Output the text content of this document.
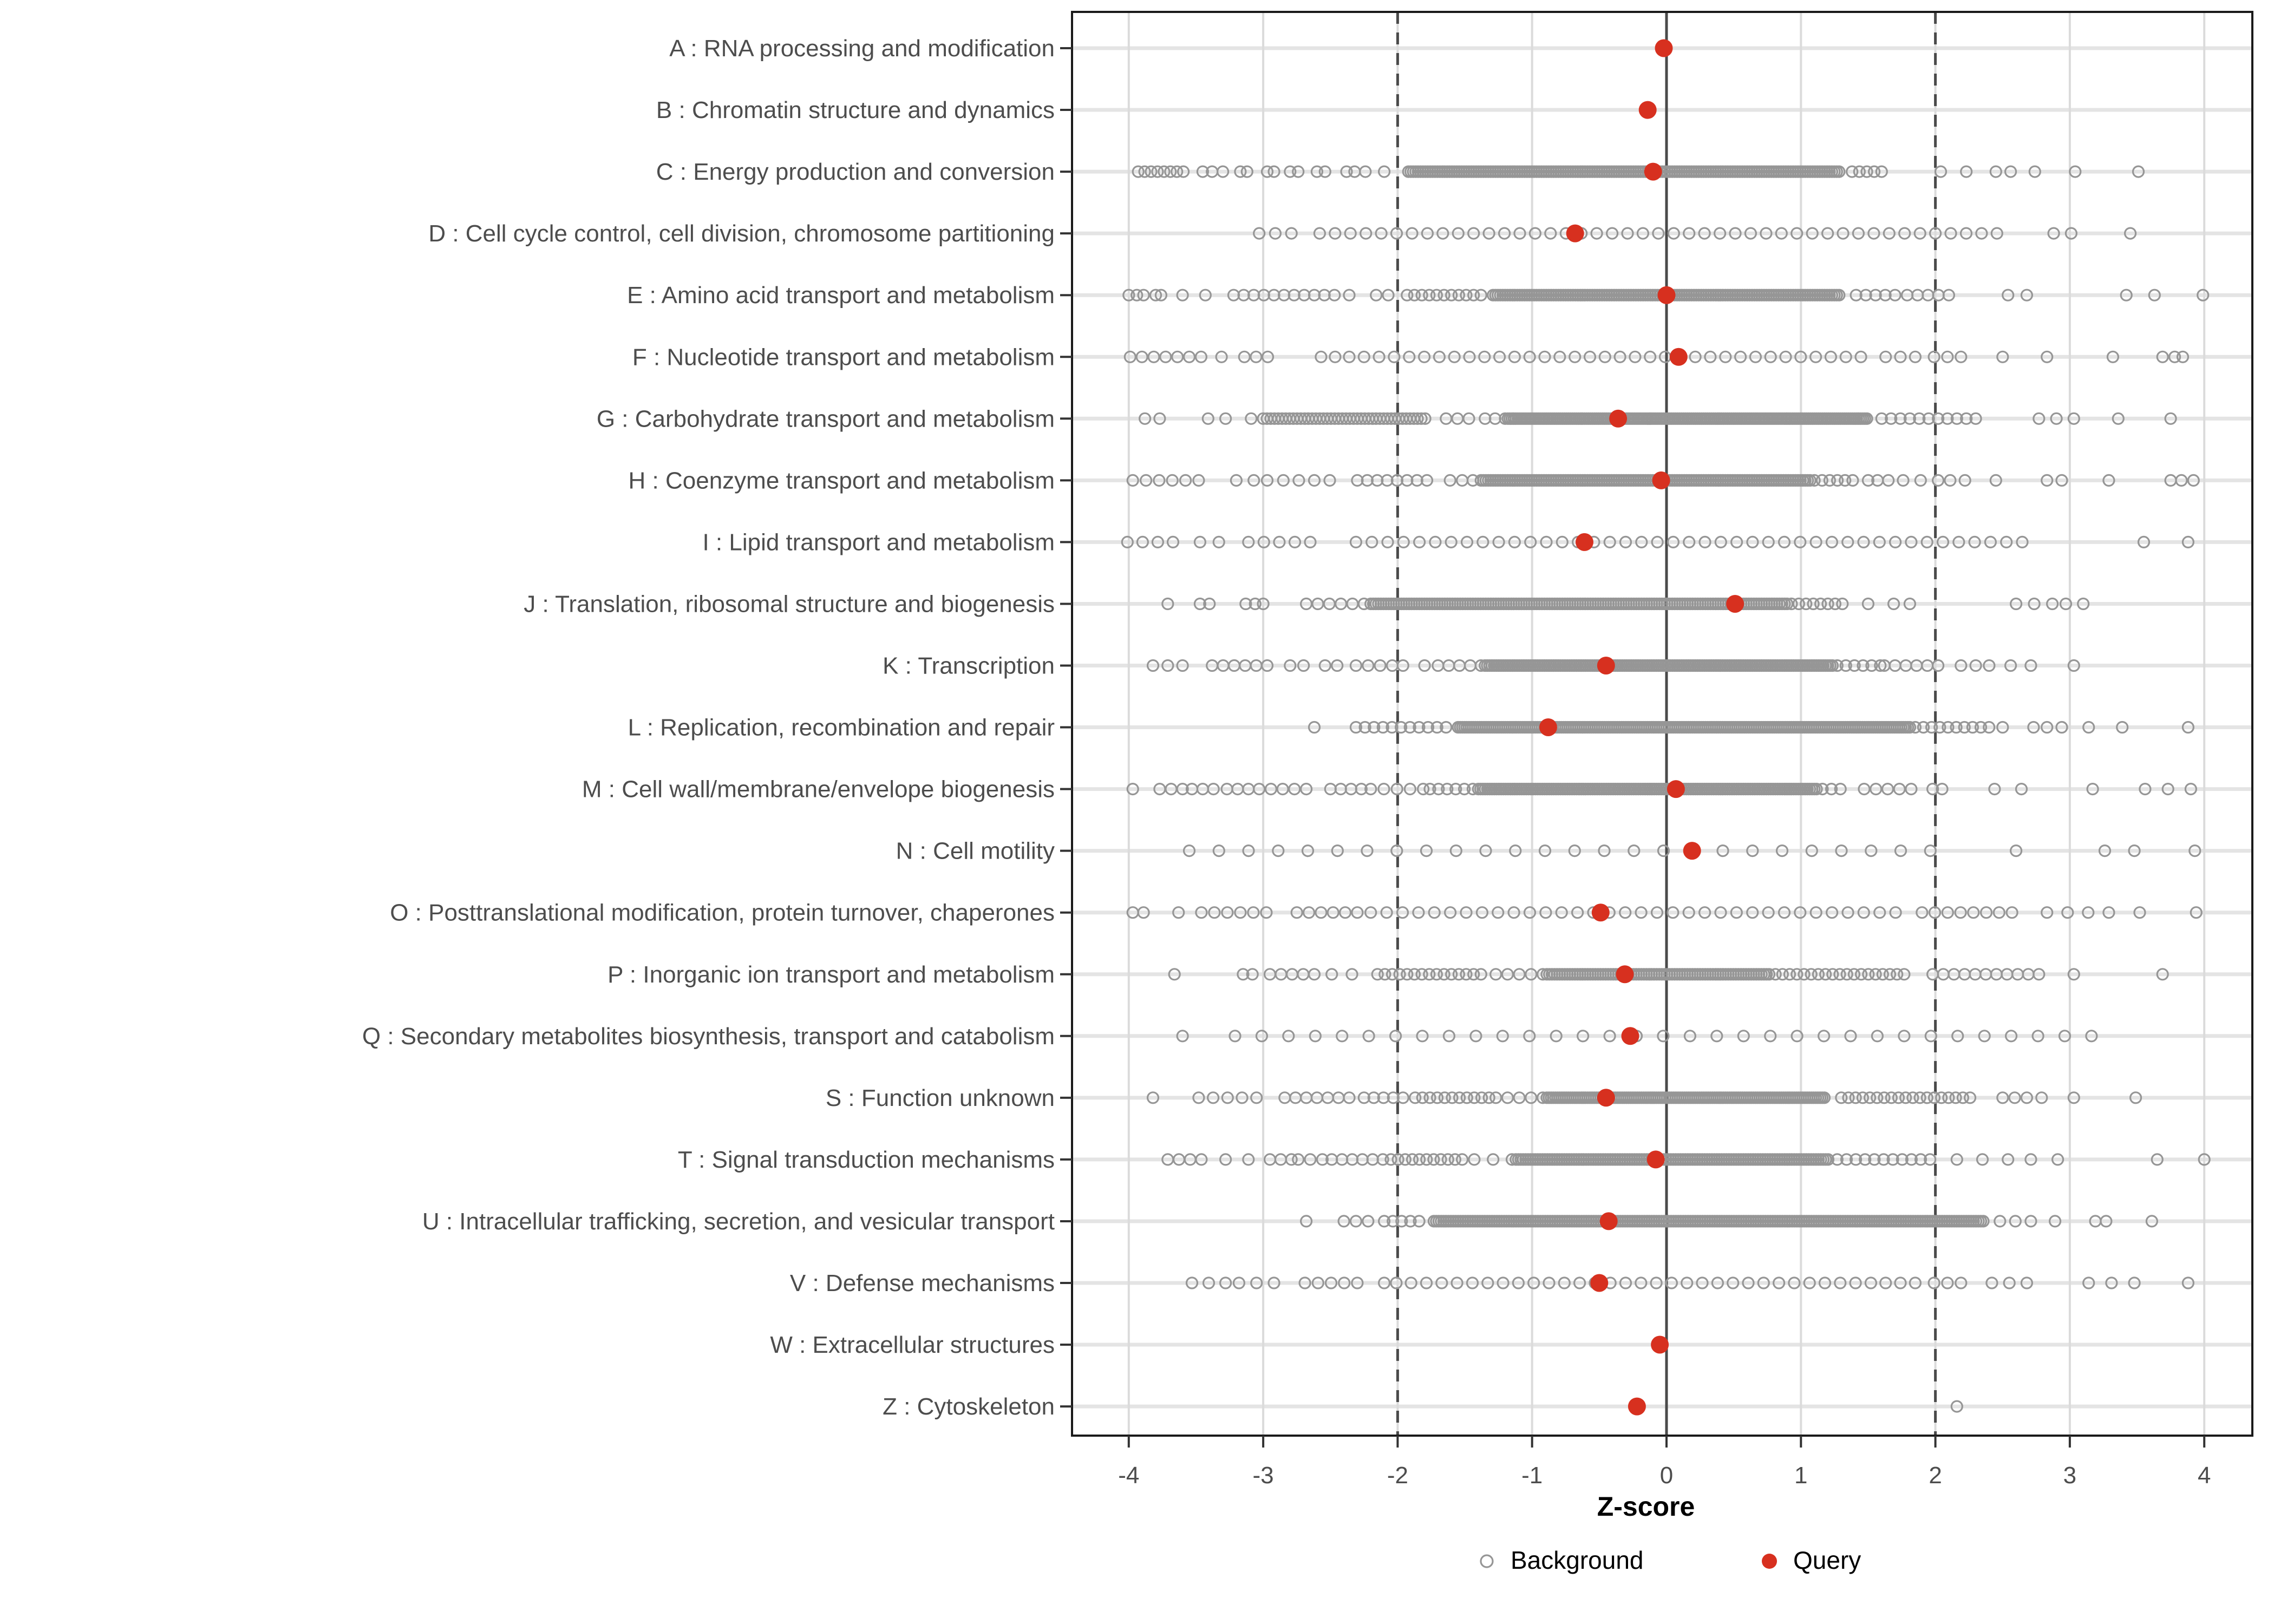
-4	-3	-2	-1	0	1	2	3	4
A : RNA processing and modification
B : Chromatin structure and dynamics
C : Energy production and conversion
D : Cell cycle control, cell division, chromosome partitioning
E : Amino acid transport and metabolism
F : Nucleotide transport and metabolism
G : Carbohydrate transport and metabolism
H : Coenzyme transport and metabolism
I : Lipid transport and metabolism
J : Translation, ribosomal structure and biogenesis
K : Transcription
L : Replication, recombination and repair
M : Cell wall/membrane/envelope biogenesis
N : Cell motility
O : Posttranslational modification, protein turnover, chaperones
P : Inorganic ion transport and metabolism
Q : Secondary metabolites biosynthesis, transport and catabolism
S : Function unknown
T : Signal transduction mechanisms
U : Intracellular trafficking, secretion, and vesicular transport
V : Defense mechanisms
W : Extracellular structures
Z : Cytoskeleton
Z-score
Background	Query
